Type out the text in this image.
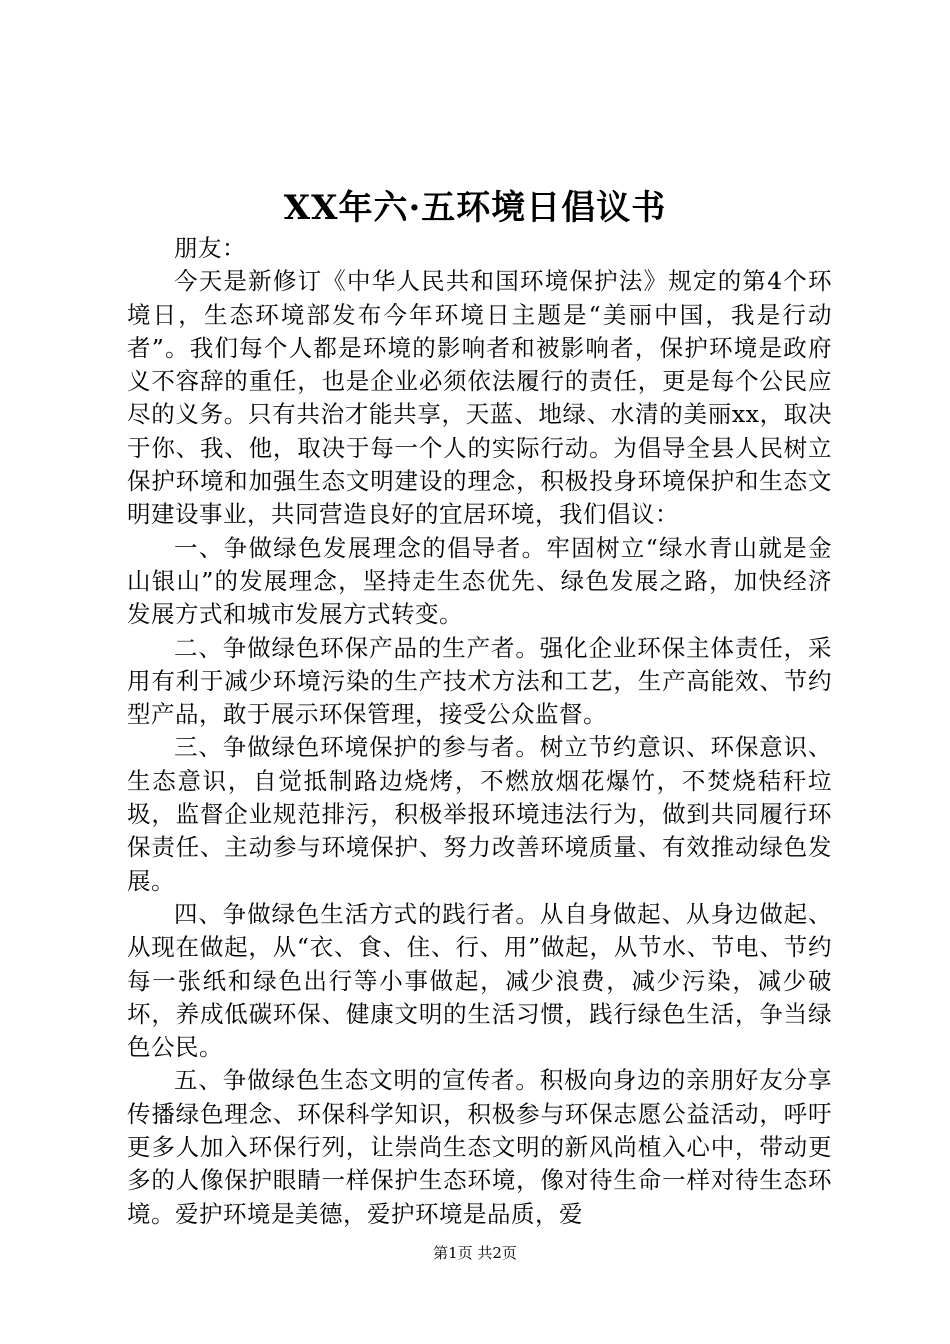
XX年六·五环境日倡议书

朋友：

今天是新修订《中华人民共和国环境保护法》规定的第4个环境日，生态环境部发布今年环境日主题是“美丽中国，我是行动者”。我们每个人都是环境的影响者和被影响者，保护环境是政府义不容辞的重任，也是企业必须依法履行的责任，更是每个公民应尽的义务。只有共治才能共享，天蓝、地绿、水清的美丽xx，取决于你、我、他，取决于每一个人的实际行动。为倡导全县人民树立保护环境和加强生态文明建设的理念，积极投身环境保护和生态文明建设事业，共同营造良好的宜居环境，我们倡议：

一、争做绿色发展理念的倡导者。牢固树立“绿水青山就是金山银山”的发展理念，坚持走生态优先、绿色发展之路，加快经济发展方式和城市发展方式转变。

二、争做绿色环保产品的生产者。强化企业环保主体责任，采用有利于减少环境污染的生产技术方法和工艺，生产高能效、节约型产品，敢于展示环保管理，接受公众监督。

三、争做绿色环境保护的参与者。树立节约意识、环保意识、生态意识，自觉抵制路边烧烤，不燃放烟花爆竹，不焚烧秸秆垃圾，监督企业规范排污，积极举报环境违法行为，做到共同履行环保责任、主动参与环境保护、努力改善环境质量、有效推动绿色发展。

四、争做绿色生活方式的践行者。从自身做起、从身边做起、从现在做起，从“衣、食、住、行、用”做起，从节水、节电、节约每一张纸和绿色出行等小事做起，减少浪费，减少污染，减少破坏，养成低碳环保、健康文明的生活习惯，践行绿色生活，争当绿色公民。

五、争做绿色生态文明的宣传者。积极向身边的亲朋好友分享传播绿色理念、环保科学知识，积极参与环保志愿公益活动，呼吁更多人加入环保行列，让崇尚生态文明的新风尚植入心中，带动更多的人像保护眼睛一样保护生态环境，像对待生命一样对待生态环境。爱护环境是美德，爱护环境是品质，爱

第1页 共2页
